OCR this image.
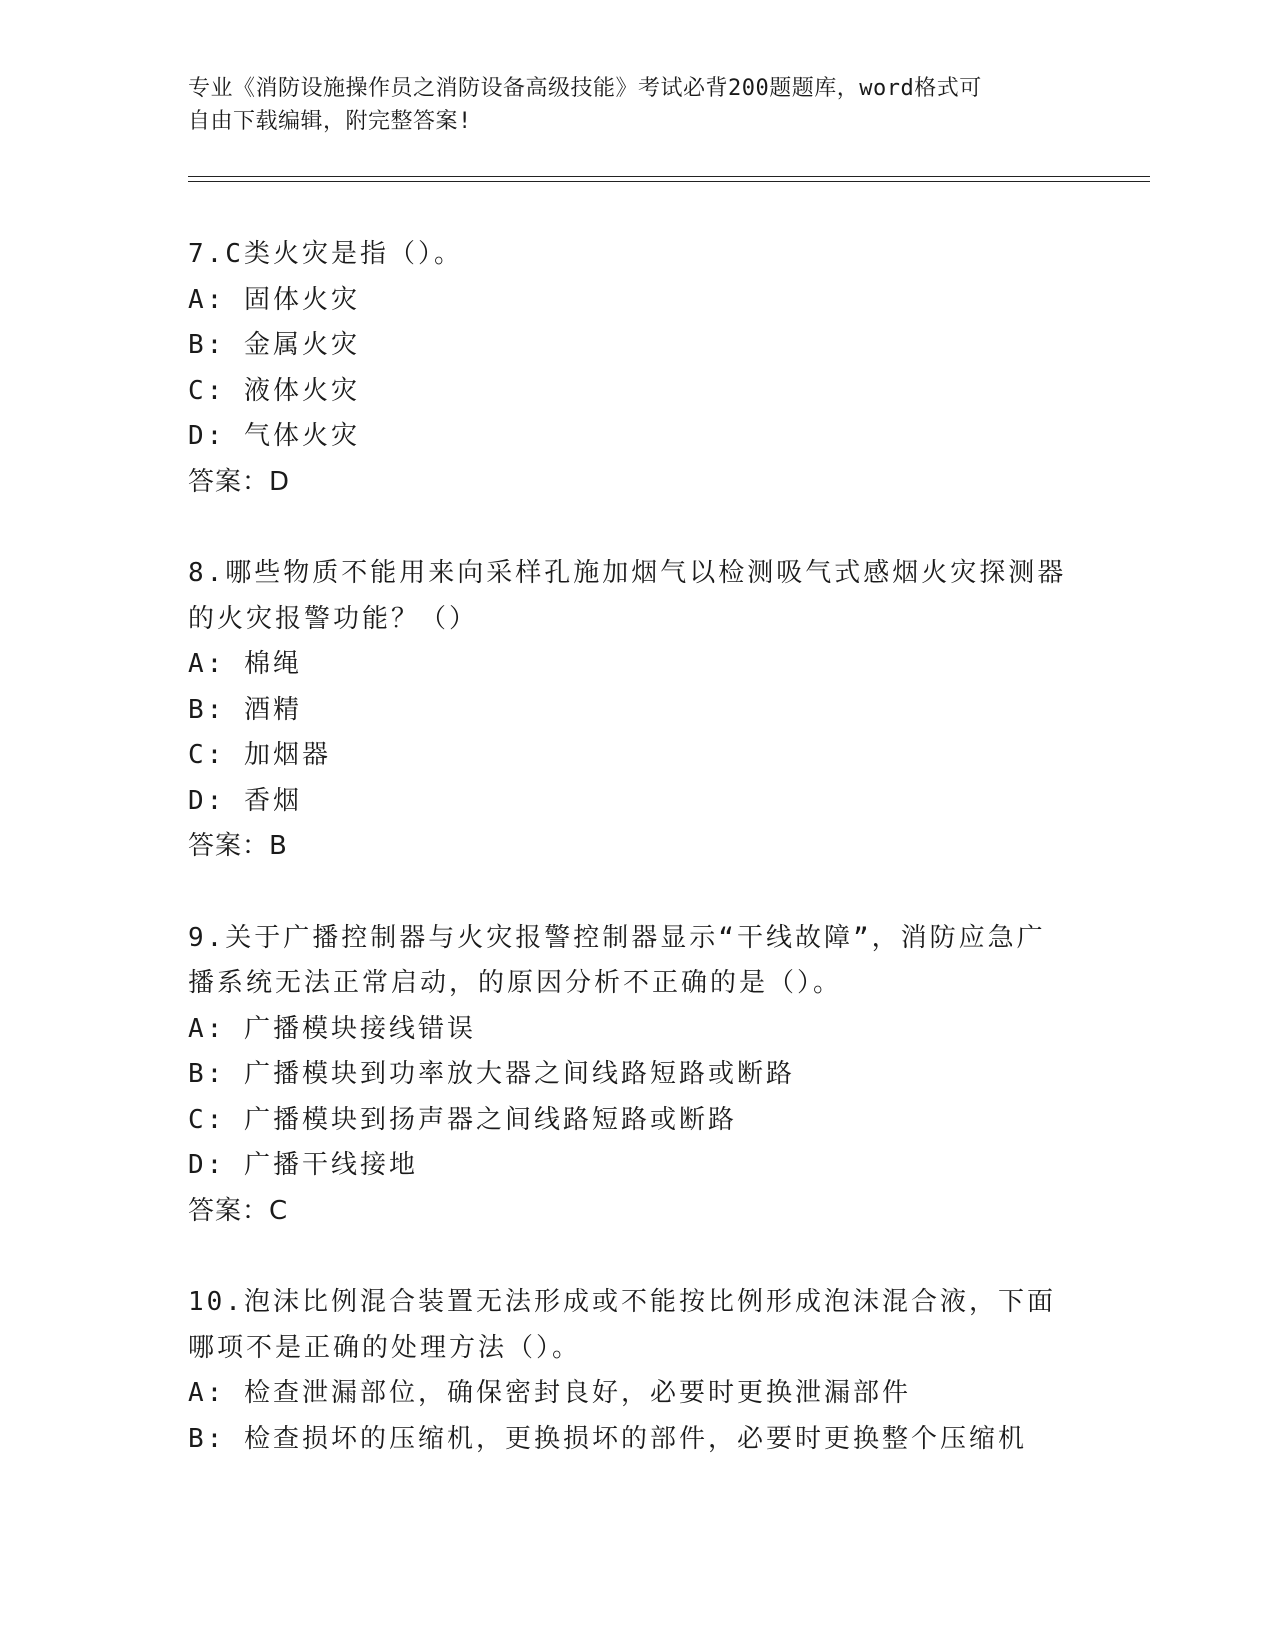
专业《消防设施操作员之消防设备高级技能》考试必背200题题库，word格式可
自由下载编辑，附完整答案!
7.C类火灾是指（）。
A: 固体火灾
B: 金属火灾
C: 液体火灾
D: 气体火灾
答案：D
8.哪些物质不能用来向采样孔施加烟气以检测吸气式感烟火灾探测器的火灾报警功能？（）
A: 棉绳
B: 酒精
C: 加烟器
D: 香烟
答案：B
9.关于广播控制器与火灾报警控制器显示“干线故障”，消防应急广播系统无法正常启动，的原因分析不正确的是（）。
A: 广播模块接线错误
B: 广播模块到功率放大器之间线路短路或断路
C: 广播模块到扬声器之间线路短路或断路
D: 广播干线接地
答案：C
10.泡沫比例混合装置无法形成或不能按比例形成泡沫混合液，下面哪项不是正确的处理方法（）。
A: 检查泄漏部位，确保密封良好，必要时更换泄漏部件
B: 检查损坏的压缩机，更换损坏的部件，必要时更换整个压缩机
